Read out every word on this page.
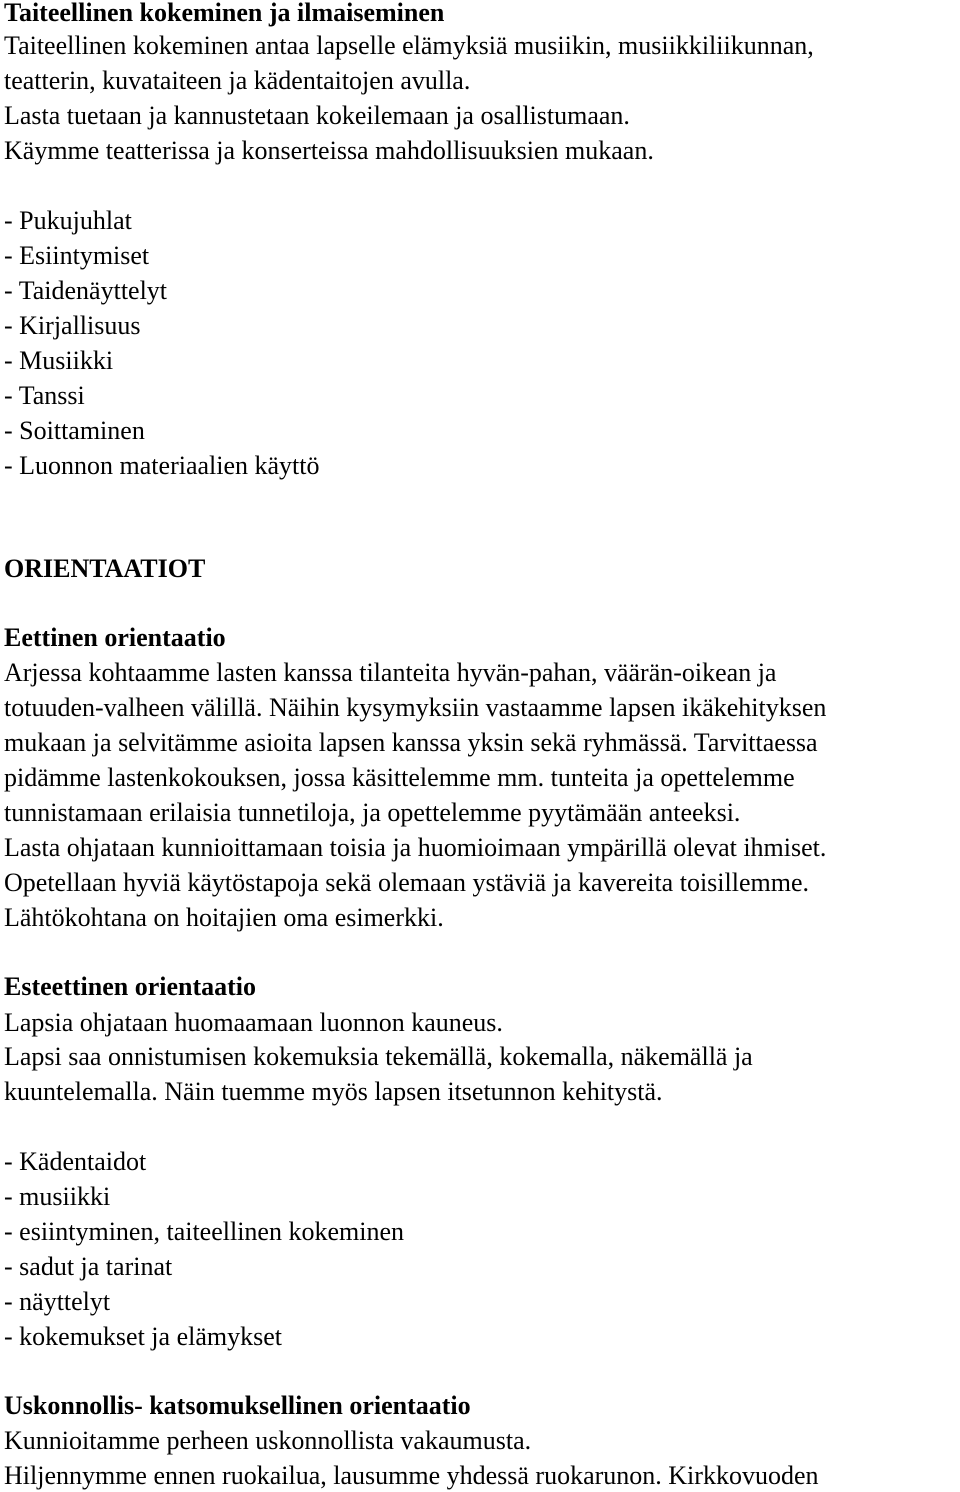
Taiteellinen kokeminen ja ilmaiseminen
Taiteellinen kokeminen antaa lapselle elämyksiä musiikin, musiikkiliikunnan,
teatterin, kuvataiteen ja kädentaitojen avulla.
Lasta tuetaan ja kannustetaan kokeilemaan ja osallistumaan.
Käymme teatterissa ja konserteissa mahdollisuuksien mukaan.
- Pukujuhlat
- Esiintymiset
- Taidenäyttelyt
- Kirjallisuus
- Musiikki
- Tanssi
- Soittaminen
- Luonnon materiaalien käyttö
ORIENTAATIOT
Eettinen orientaatio
Arjessa kohtaamme lasten kanssa tilanteita hyvän-pahan, väärän-oikean ja
totuuden-valheen välillä. Näihin kysymyksiin vastaamme lapsen ikäkehityksen
mukaan ja selvitämme asioita lapsen kanssa yksin sekä ryhmässä. Tarvittaessa
pidämme lastenkokouksen, jossa käsittelemme mm. tunteita ja opettelemme
tunnistamaan erilaisia tunnetiloja, ja opettelemme pyytämään anteeksi.
Lasta ohjataan kunnioittamaan toisia ja huomioimaan ympärillä olevat ihmiset.
Opetellaan hyviä käytöstapoja sekä olemaan ystäviä ja kavereita toisillemme.
Lähtökohtana on hoitajien oma esimerkki.
Esteettinen orientaatio
Lapsia ohjataan huomaamaan luonnon kauneus.
Lapsi saa onnistumisen kokemuksia tekemällä, kokemalla, näkemällä ja
kuuntelemalla. Näin tuemme myös lapsen itsetunnon kehitystä.
- Kädentaidot
- musiikki
- esiintyminen, taiteellinen kokeminen
- sadut ja tarinat
- näyttelyt
- kokemukset ja elämykset
Uskonnollis- katsomuksellinen orientaatio
Kunnioitamme perheen uskonnollista vakaumusta.
Hiljennymme ennen ruokailua, lausumme yhdessä ruokarunon. Kirkkovuoden
